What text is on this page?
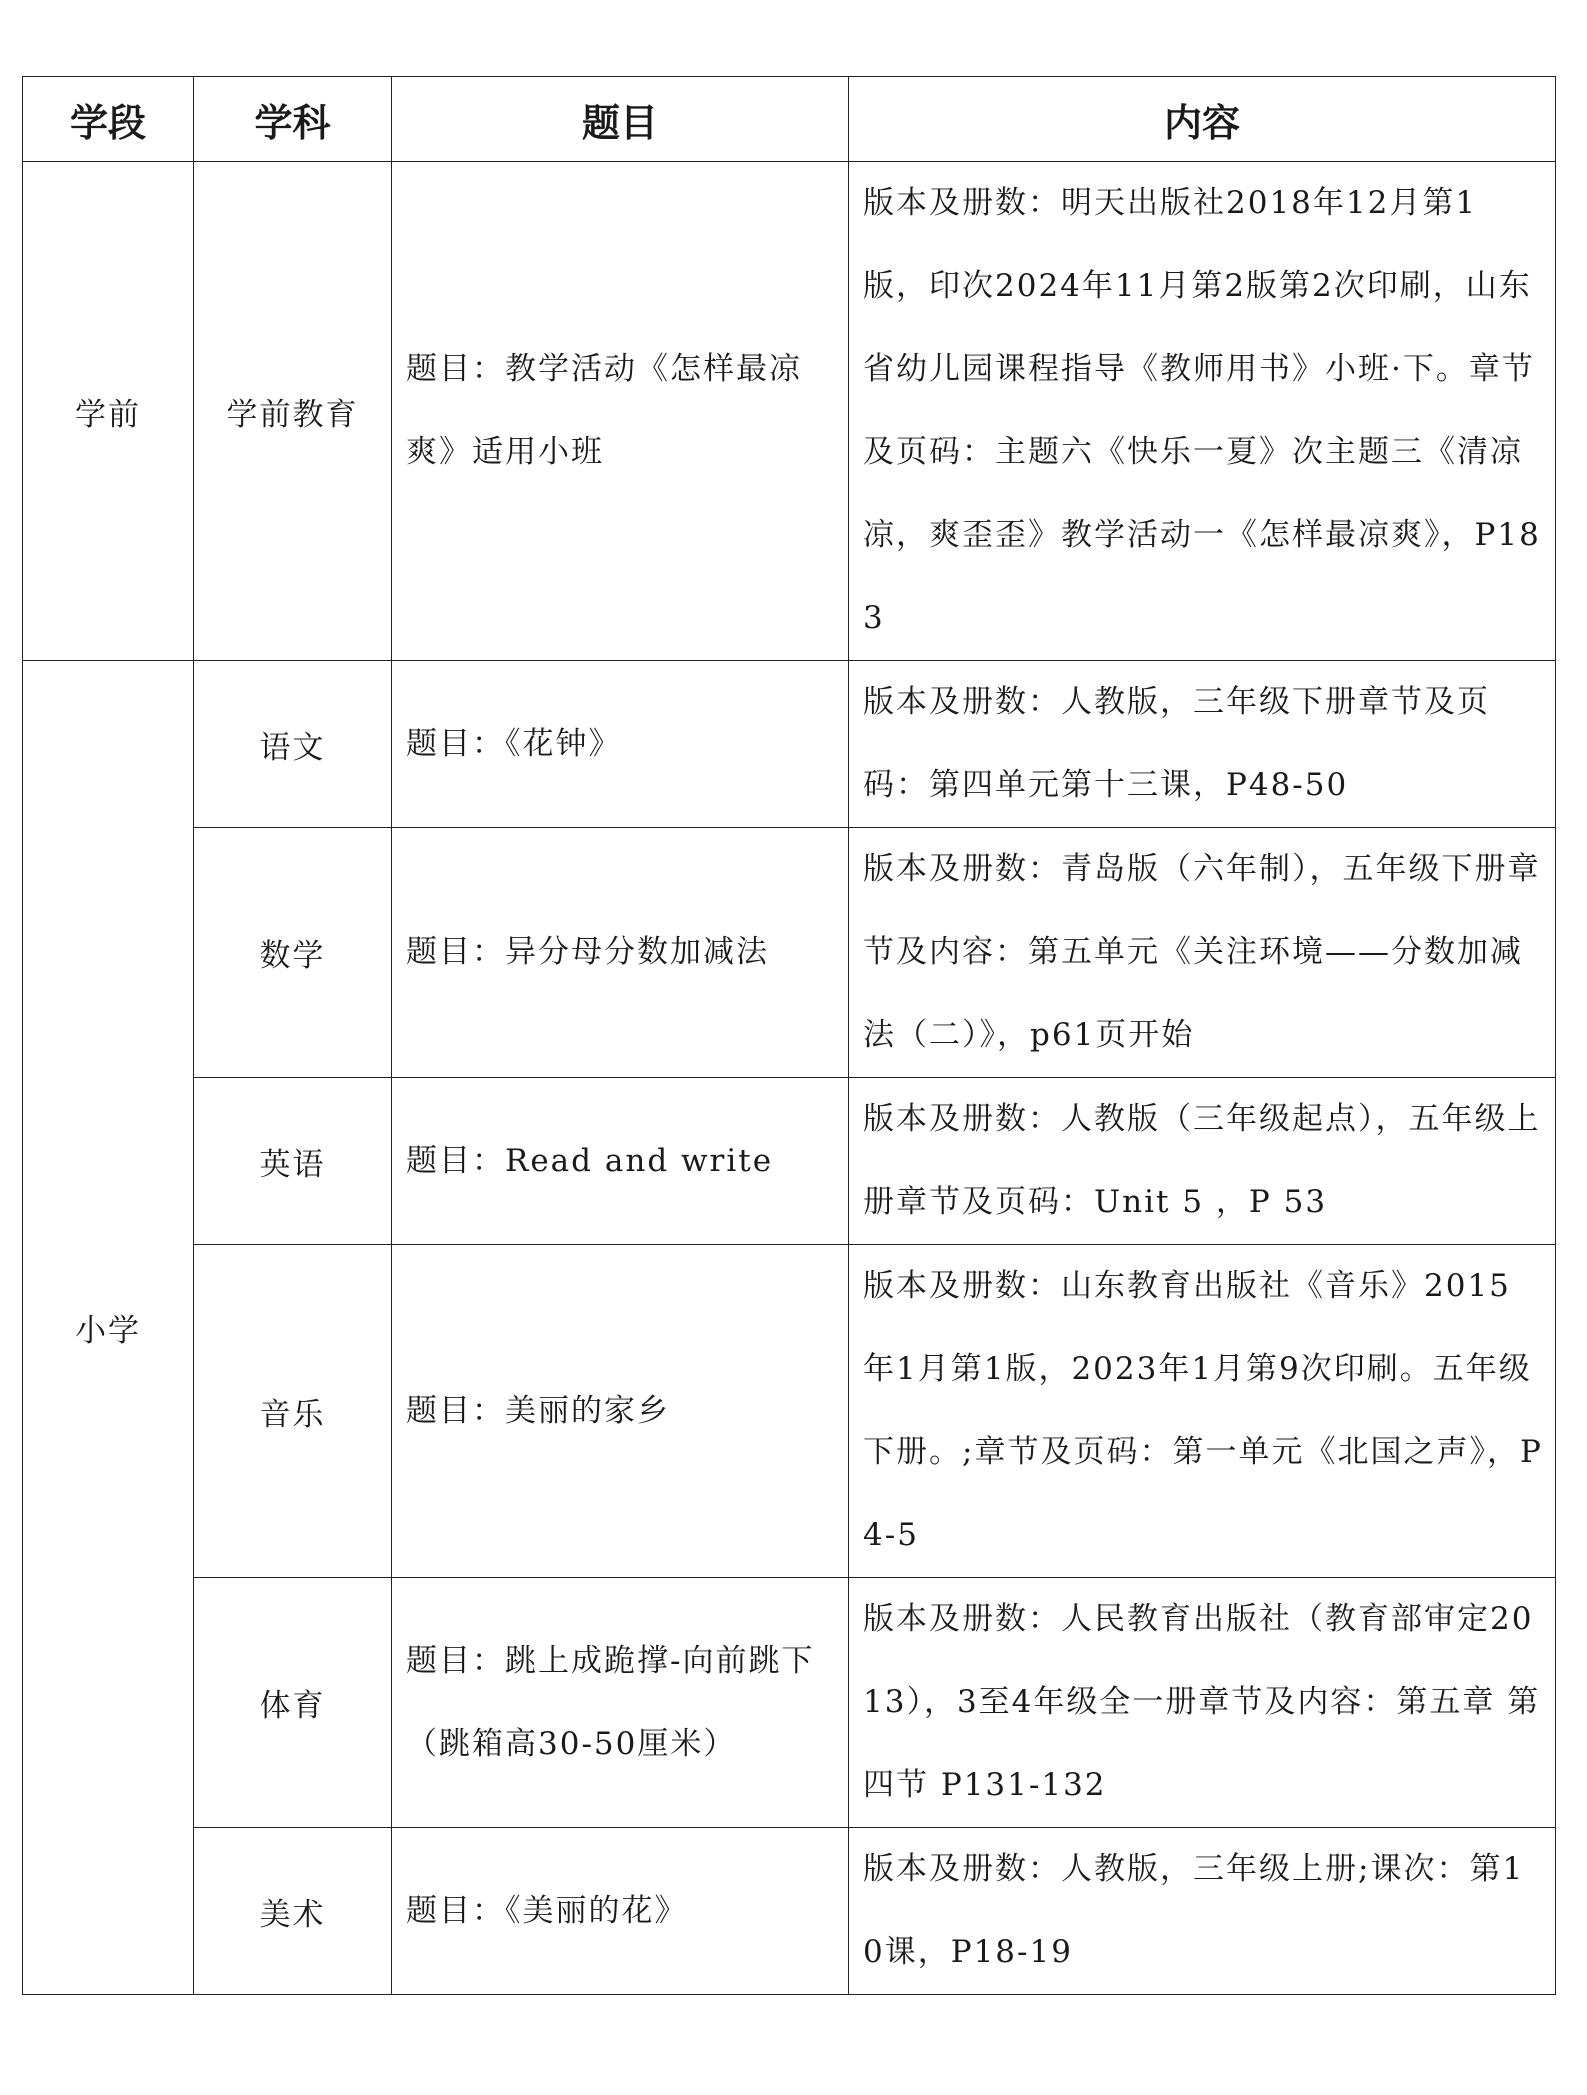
学段	学科	题目	内容
学前	学前教育	题目：教学活动《怎样最凉爽》适用小班	版本及册数：明天出版社2018年12月第1版，印次2024年11月第2版第2次印刷，山东省幼儿园课程指导《教师用书》小班·下。章节及页码：主题六《快乐一夏》次主题三《清凉凉，爽歪歪》教学活动一《怎样最凉爽》，P183
小学	语文	题目：《花钟》	版本及册数：人教版，三年级下册章节及页码：第四单元第十三课，P48-50
	数学	题目：异分母分数加减法	版本及册数：青岛版（六年制），五年级下册章节及内容：第五单元《关注环境——分数加减法（二）》，p61页开始
	英语	题目：Read and write	版本及册数：人教版（三年级起点），五年级上册章节及页码：Unit 5 ，P 53
	音乐	题目：美丽的家乡	版本及册数：山东教育出版社《音乐》2015年1月第1版，2023年1月第9次印刷。五年级下册。;章节及页码：第一单元《北国之声》，P4-5
	体育	题目：跳上成跪撑-向前跳下（跳箱高30-50厘米）	版本及册数：人民教育出版社（教育部审定2013），3至4年级全一册章节及内容：第五章 第四节 P131-132
	美术	题目：《美丽的花》	版本及册数：人教版，三年级上册;课次：第10课，P18-19
